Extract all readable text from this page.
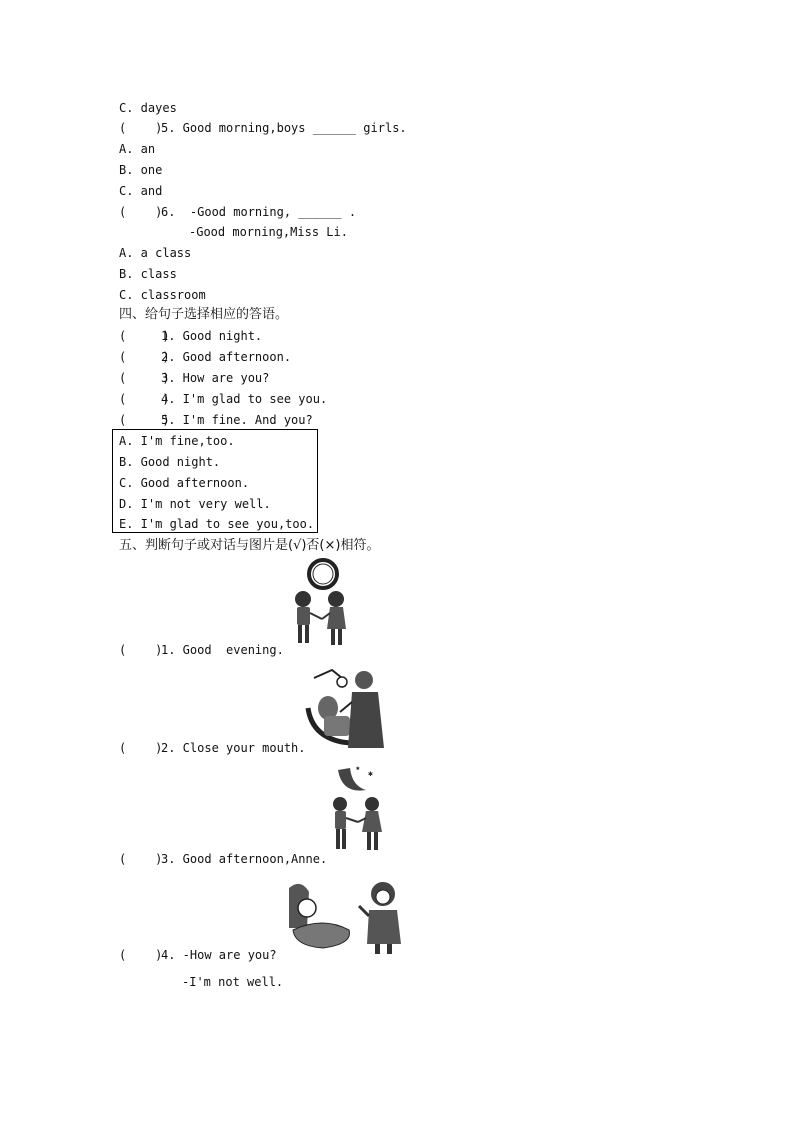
C. dayes
(    )
5. Good morning,boys ______ girls.
A. an
B. one
C. and
(    )
6.  -Good morning, ______ .
-Good morning,Miss Li.
A. a class
B. class
C. classroom
四、给句子选择相应的答语。
(     )
1. Good night.
(     )
2. Good afternoon.
(     )
3. How are you?
(     )
4. I'm glad to see you.
(     )
5. I'm fine. And you?
A. I'm fine,too.
B. Good night.
C. Good afternoon.
D. I'm not very well.
E. I'm glad to see you,too.
五、判断句子或对话与图片是(√)否(×)相符。
(    )
1. Good  evening.
(    )
2. Close your mouth.
✱
✱
(    )
3. Good afternoon,Anne.
(    )
4. -How are you?
-I'm not well.
